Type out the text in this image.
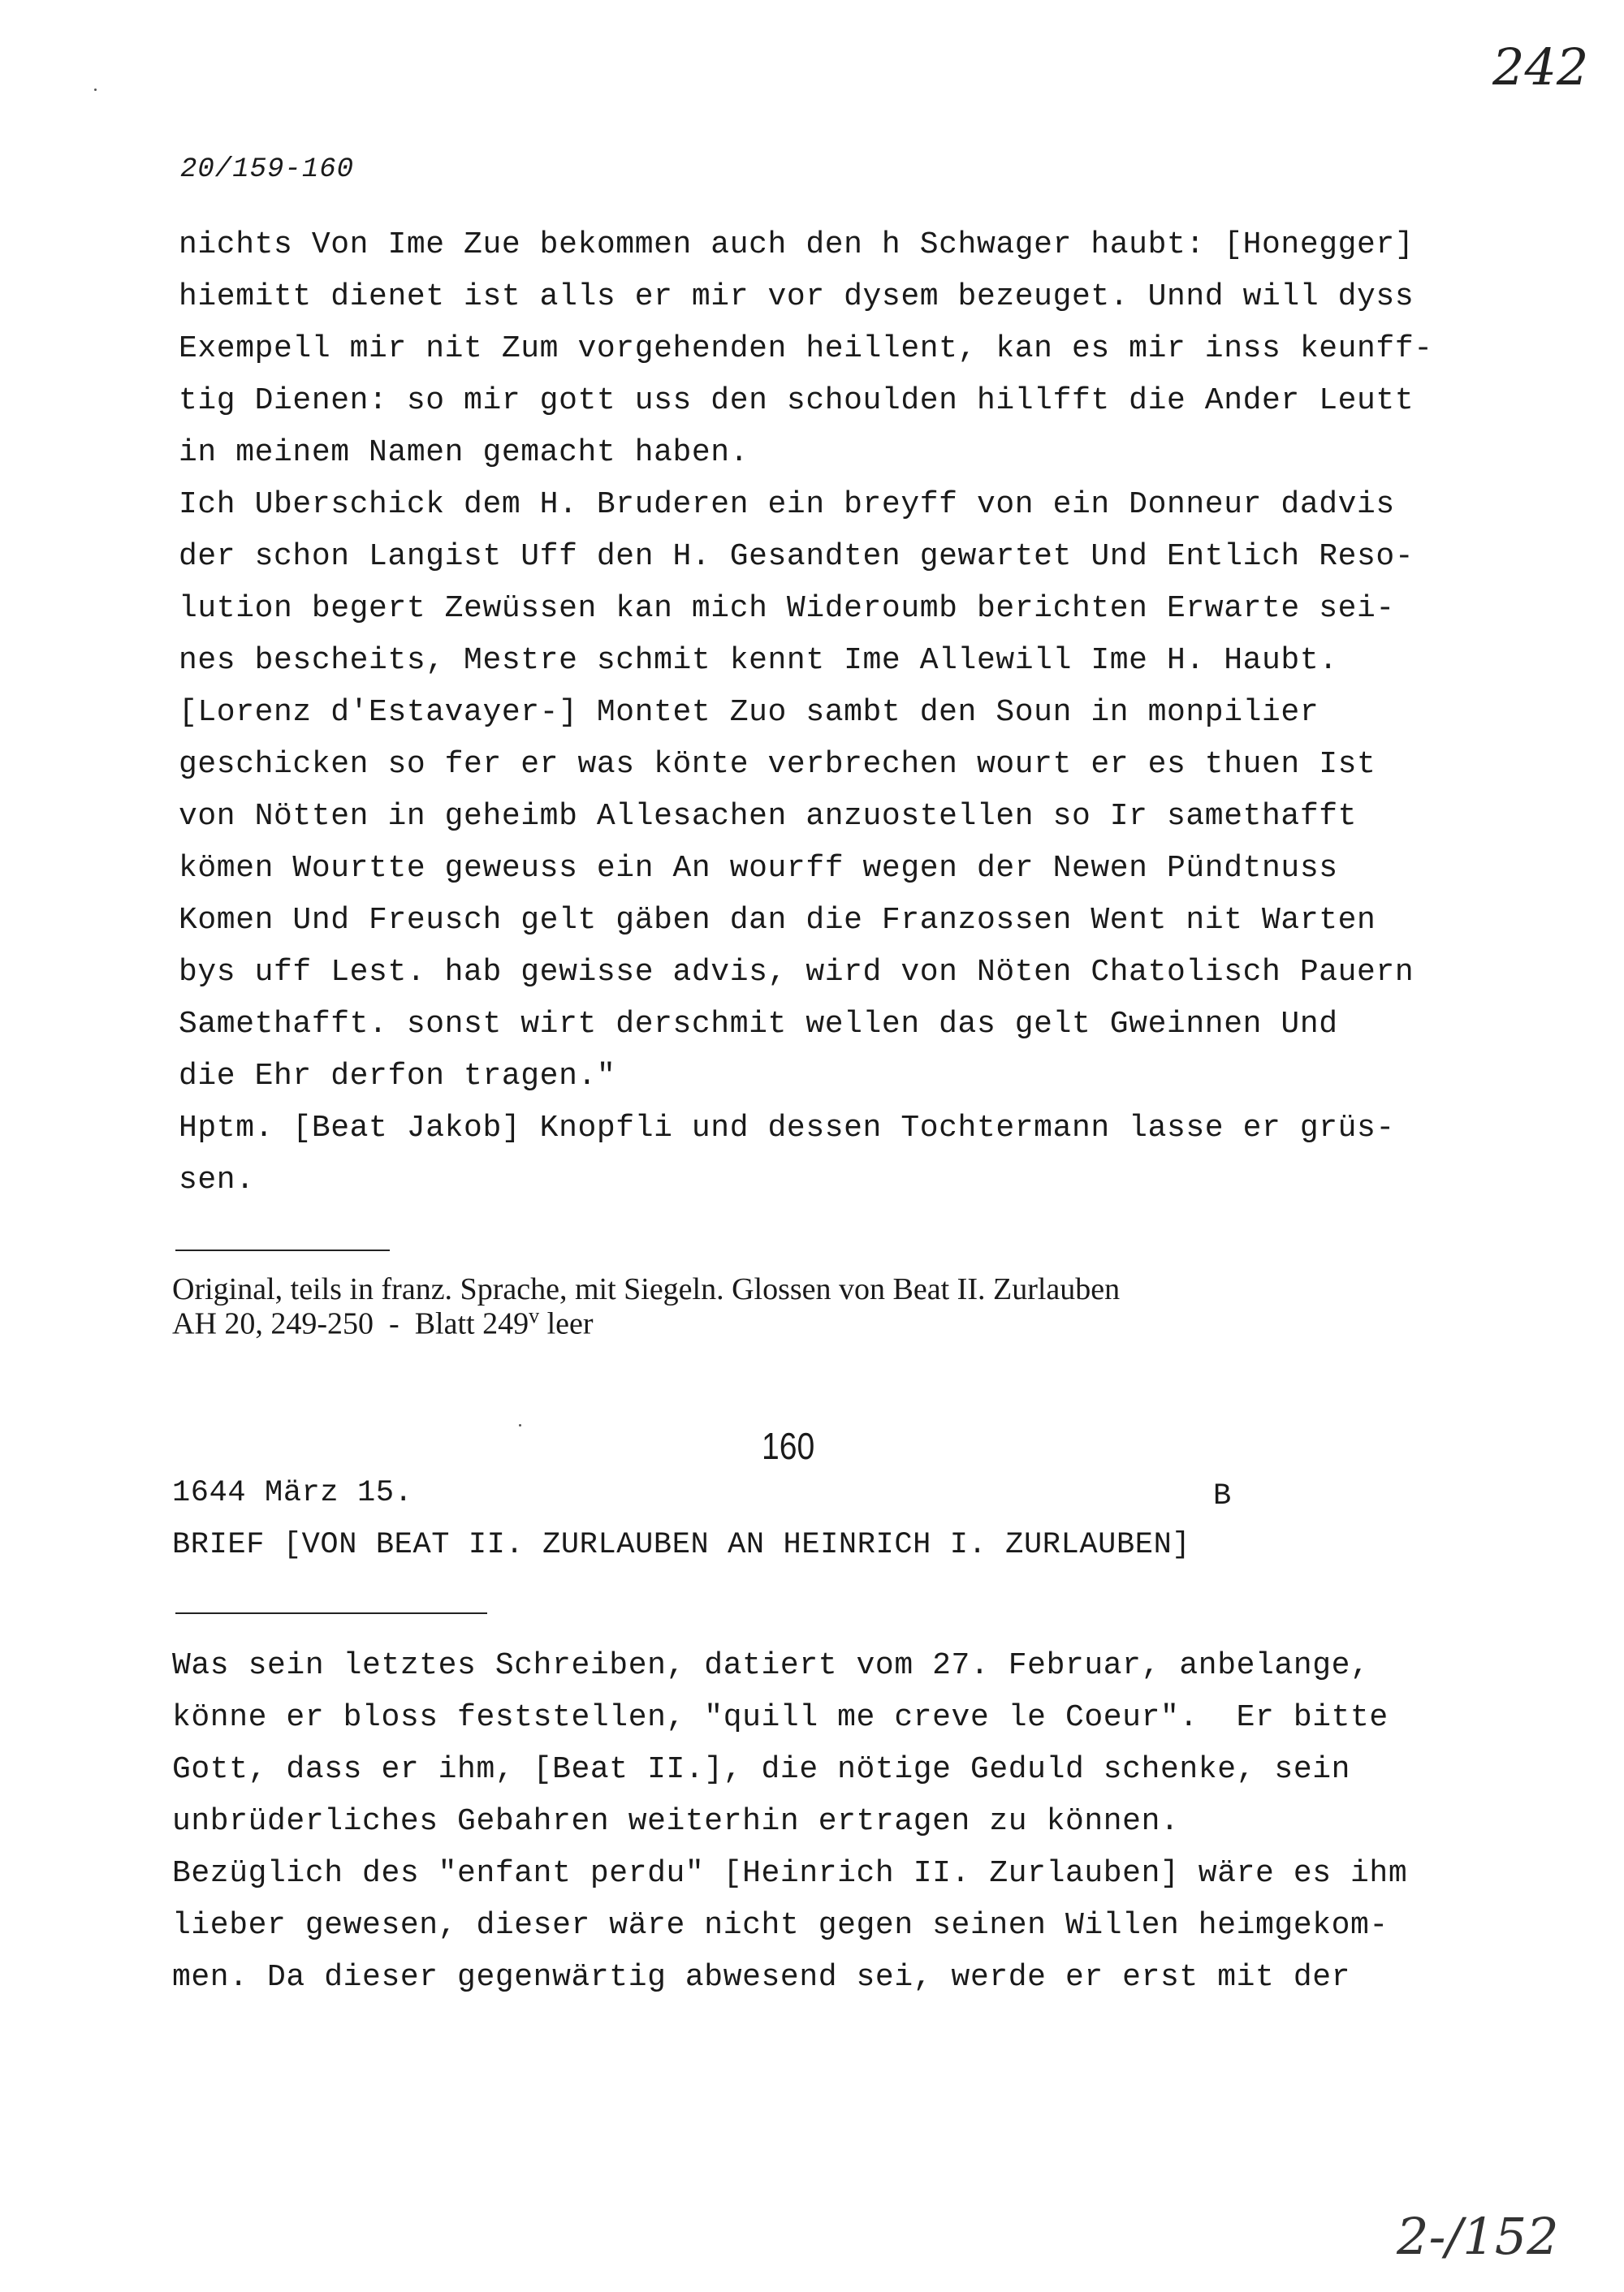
242
20/159-160
nichts Von Ime Zue bekommen auch den h Schwager haubt: [Honegger]
hiemitt dienet ist alls er mir vor dysem bezeuget. Unnd will dyss
Exempell mir nit Zum vorgehenden heillent, kan es mir inss keunff-
tig Dienen: so mir gott uss den schoulden hillfft die Ander Leutt
in meinem Namen gemacht haben.
Ich Uberschick dem H. Bruderen ein breyff von ein Donneur dadvis
der schon Langist Uff den H. Gesandten gewartet Und Entlich Reso-
lution begert Zewüssen kan mich Wideroumb berichten Erwarte sei-
nes bescheits, Mestre schmit kennt Ime Allewill Ime H. Haubt.
[Lorenz d'Estavayer-] Montet Zuo sambt den Soun in monpilier
geschicken so fer er was könte verbrechen wourt er es thuen Ist
von Nötten in geheimb Allesachen anzuostellen so Ir samethafft
kömen Wourtte geweuss ein An wourff wegen der Newen Pündtnuss
Komen Und Freusch gelt gäben dan die Franzossen Went nit Warten
bys uff Lest. hab gewisse advis, wird von Nöten Chatolisch Pauern
Samethafft. sonst wirt derschmit wellen das gelt Gweinnen Und
die Ehr derfon tragen."
Hptm. [Beat Jakob] Knopfli und dessen Tochtermann lasse er grüs-
sen.
Original, teils in franz. Sprache, mit Siegeln. Glossen von Beat II. Zurlauben
AH 20, 249-250  -  Blatt 249$^v$ leer
160
1644 März 15.	B
BRIEF [VON BEAT II. ZURLAUBEN AN HEINRICH I. ZURLAUBEN]
Was sein letztes Schreiben, datiert vom 27. Februar, anbelange,
könne er bloss feststellen, "quill me creve le Coeur".  Er bitte
Gott, dass er ihm, [Beat II.], die nötige Geduld schenke, sein
unbrüderliches Gebahren weiterhin ertragen zu können.
Bezüglich des "enfant perdu" [Heinrich II. Zurlauben] wäre es ihm
lieber gewesen, dieser wäre nicht gegen seinen Willen heimgekom-
men. Da dieser gegenwärtig abwesend sei, werde er erst mit der
2-/152
